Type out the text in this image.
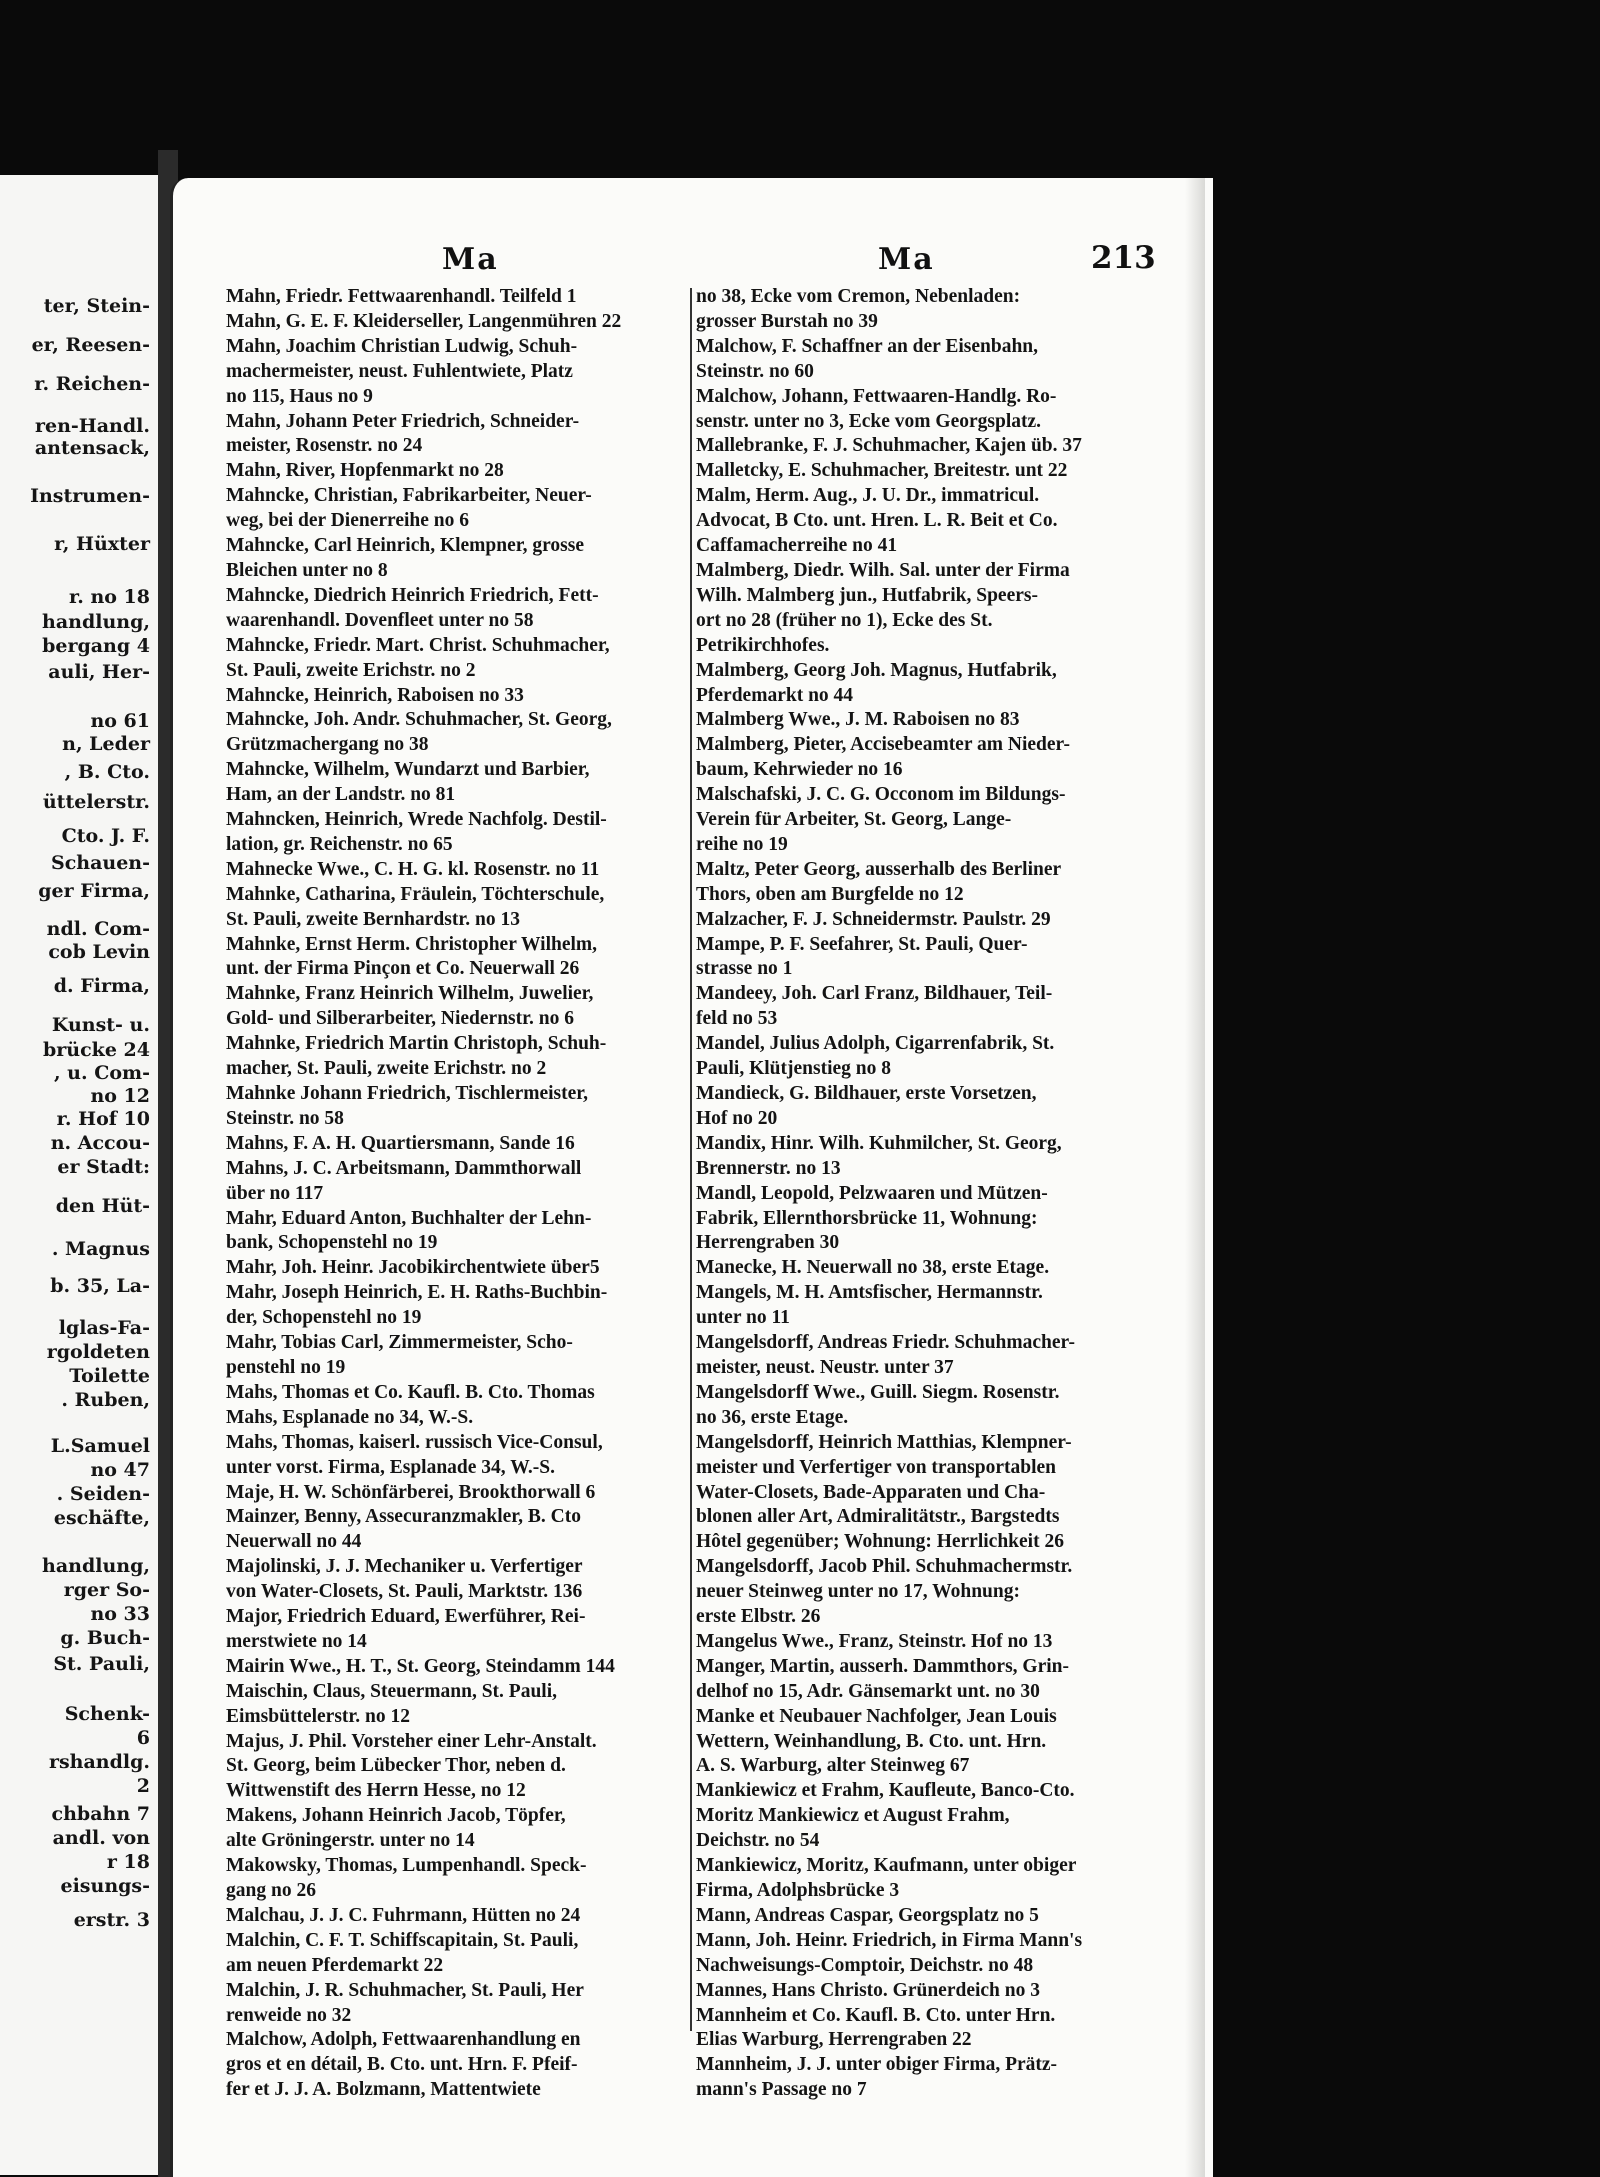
ter, Stein-
er, Reesen-
r. Reichen-
ren-Handl.
antensack,
Instrumen-
r, Hüxter
r. no 18
handlung,
bergang 4
auli, Her-
no 61
n, Leder
, B. Cto.
üttelerstr.
Cto. J. F.
Schauen-
ger Firma,
ndl. Com-
cob Levin
d. Firma,
Kunst- u.
brücke 24
, u. Com-
no 12
r. Hof 10
n. Accou-
er Stadt:
den Hüt-
. Magnus
b. 35, La-
lglas-Fa-
rgoldeten
Toilette
. Ruben,
L.Samuel
no 47
. Seiden-
eschäfte,
handlung,
rger So-
no 33
g. Buch-
St. Pauli,
Schenk-
6
rshandlg.
2
chbahn 7
andl. von
r 18
eisungs-
erstr. 3
Ma	Ma	213
Mahn, Friedr. Fettwaarenhandl. Teilfeld 1
Mahn, G. E. F. Kleiderseller, Langenmühren 22
Mahn, Joachim Christian Ludwig, Schuh-
machermeister, neust. Fuhlentwiete, Platz
no 115, Haus no 9
Mahn, Johann Peter Friedrich, Schneider-
meister, Rosenstr. no 24
Mahn, River, Hopfenmarkt no 28
Mahncke, Christian, Fabrikarbeiter, Neuer-
weg, bei der Dienerreihe no 6
Mahncke, Carl Heinrich, Klempner, grosse
Bleichen unter no 8
Mahncke, Diedrich Heinrich Friedrich, Fett-
waarenhandl. Dovenfleet unter no 58
Mahncke, Friedr. Mart. Christ. Schuhmacher,
St. Pauli, zweite Erichstr. no 2
Mahncke, Heinrich, Raboisen no 33
Mahncke, Joh. Andr. Schuhmacher, St. Georg,
Grützmachergang no 38
Mahncke, Wilhelm, Wundarzt und Barbier,
Ham, an der Landstr. no 81
Mahncken, Heinrich, Wrede Nachfolg. Destil-
lation, gr. Reichenstr. no 65
Mahnecke Wwe., C. H. G. kl. Rosenstr. no 11
Mahnke, Catharina, Fräulein, Töchterschule,
St. Pauli, zweite Bernhardstr. no 13
Mahnke, Ernst Herm. Christopher Wilhelm,
unt. der Firma Pinçon et Co. Neuerwall 26
Mahnke, Franz Heinrich Wilhelm, Juwelier,
Gold- und Silberarbeiter, Niedernstr. no 6
Mahnke, Friedrich Martin Christoph, Schuh-
macher, St. Pauli, zweite Erichstr. no 2
Mahnke Johann Friedrich, Tischlermeister,
Steinstr. no 58
Mahns, F. A. H. Quartiersmann, Sande 16
Mahns, J. C. Arbeitsmann, Dammthorwall
über no 117
Mahr, Eduard Anton, Buchhalter der Lehn-
bank, Schopenstehl no 19
Mahr, Joh. Heinr. Jacobikirchentwiete über5
Mahr, Joseph Heinrich, E. H. Raths-Buchbin-
der, Schopenstehl no 19
Mahr, Tobias Carl, Zimmermeister, Scho-
penstehl no 19
Mahs, Thomas et Co. Kaufl. B. Cto. Thomas
Mahs, Esplanade no 34, W.-S.
Mahs, Thomas, kaiserl. russisch Vice-Consul,
unter vorst. Firma, Esplanade 34, W.-S.
Maje, H. W. Schönfärberei, Brookthorwall 6
Mainzer, Benny, Assecuranzmakler, B. Cto
Neuerwall no 44
Majolinski, J. J. Mechaniker u. Verfertiger
von Water-Closets, St. Pauli, Marktstr. 136
Major, Friedrich Eduard, Ewerführer, Rei-
merstwiete no 14
Mairin Wwe., H. T., St. Georg, Steindamm 144
Maischin, Claus, Steuermann, St. Pauli,
Eimsbüttelerstr. no 12
Majus, J. Phil. Vorsteher einer Lehr-Anstalt.
St. Georg, beim Lübecker Thor, neben d.
Wittwenstift des Herrn Hesse, no 12
Makens, Johann Heinrich Jacob, Töpfer,
alte Gröningerstr. unter no 14
Makowsky, Thomas, Lumpenhandl. Speck-
gang no 26
Malchau, J. J. C. Fuhrmann, Hütten no 24
Malchin, C. F. T. Schiffscapitain, St. Pauli,
am neuen Pferdemarkt 22
Malchin, J. R. Schuhmacher, St. Pauli, Her
renweide no 32
Malchow, Adolph, Fettwaarenhandlung en
gros et en détail, B. Cto. unt. Hrn. F. Pfeif-
fer et J. J. A. Bolzmann, Mattentwiete
no 38, Ecke vom Cremon, Nebenladen:
grosser Burstah no 39
Malchow, F. Schaffner an der Eisenbahn,
Steinstr. no 60
Malchow, Johann, Fettwaaren-Handlg. Ro-
senstr. unter no 3, Ecke vom Georgsplatz.
Mallebranke, F. J. Schuhmacher, Kajen üb. 37
Malletcky, E. Schuhmacher, Breitestr. unt 22
Malm, Herm. Aug., J. U. Dr., immatricul.
Advocat, B Cto. unt. Hren. L. R. Beit et Co.
Caffamacherreihe no 41
Malmberg, Diedr. Wilh. Sal. unter der Firma
Wilh. Malmberg jun., Hutfabrik, Speers-
ort no 28 (früher no 1), Ecke des St.
Petrikirchhofes.
Malmberg, Georg Joh. Magnus, Hutfabrik,
Pferdemarkt no 44
Malmberg Wwe., J. M. Raboisen no 83
Malmberg, Pieter, Accisebeamter am Nieder-
baum, Kehrwieder no 16
Malschafski, J. C. G. Occonom im Bildungs-
Verein für Arbeiter, St. Georg, Lange-
reihe no 19
Maltz, Peter Georg, ausserhalb des Berliner
Thors, oben am Burgfelde no 12
Malzacher, F. J. Schneidermstr. Paulstr. 29
Mampe, P. F. Seefahrer, St. Pauli, Quer-
strasse no 1
Mandeey, Joh. Carl Franz, Bildhauer, Teil-
feld no 53
Mandel, Julius Adolph, Cigarrenfabrik, St.
Pauli, Klütjenstieg no 8
Mandieck, G. Bildhauer, erste Vorsetzen,
Hof no 20
Mandix, Hinr. Wilh. Kuhmilcher, St. Georg,
Brennerstr. no 13
Mandl, Leopold, Pelzwaaren und Mützen-
Fabrik, Ellernthorsbrücke 11, Wohnung:
Herrengraben 30
Manecke, H. Neuerwall no 38, erste Etage.
Mangels, M. H. Amtsfischer, Hermannstr.
unter no 11
Mangelsdorff, Andreas Friedr. Schuhmacher-
meister, neust. Neustr. unter 37
Mangelsdorff Wwe., Guill. Siegm. Rosenstr.
no 36, erste Etage.
Mangelsdorff, Heinrich Matthias, Klempner-
meister und Verfertiger von transportablen
Water-Closets, Bade-Apparaten und Cha-
blonen aller Art, Admiralitätstr., Bargstedts
Hôtel gegenüber; Wohnung: Herrlichkeit 26
Mangelsdorff, Jacob Phil. Schuhmachermstr.
neuer Steinweg unter no 17, Wohnung:
erste Elbstr. 26
Mangelus Wwe., Franz, Steinstr. Hof no 13
Manger, Martin, ausserh. Dammthors, Grin-
delhof no 15, Adr. Gänsemarkt unt. no 30
Manke et Neubauer Nachfolger, Jean Louis
Wettern, Weinhandlung, B. Cto. unt. Hrn.
A. S. Warburg, alter Steinweg 67
Mankiewicz et Frahm, Kaufleute, Banco-Cto.
Moritz Mankiewicz et August Frahm,
Deichstr. no 54
Mankiewicz, Moritz, Kaufmann, unter obiger
Firma, Adolphsbrücke 3
Mann, Andreas Caspar, Georgsplatz no 5
Mann, Joh. Heinr. Friedrich, in Firma Mann's
Nachweisungs-Comptoir, Deichstr. no 48
Mannes, Hans Christo. Grünerdeich no 3
Mannheim et Co. Kaufl. B. Cto. unter Hrn.
Elias Warburg, Herrengraben 22
Mannheim, J. J. unter obiger Firma, Prätz-
mann's Passage no 7
